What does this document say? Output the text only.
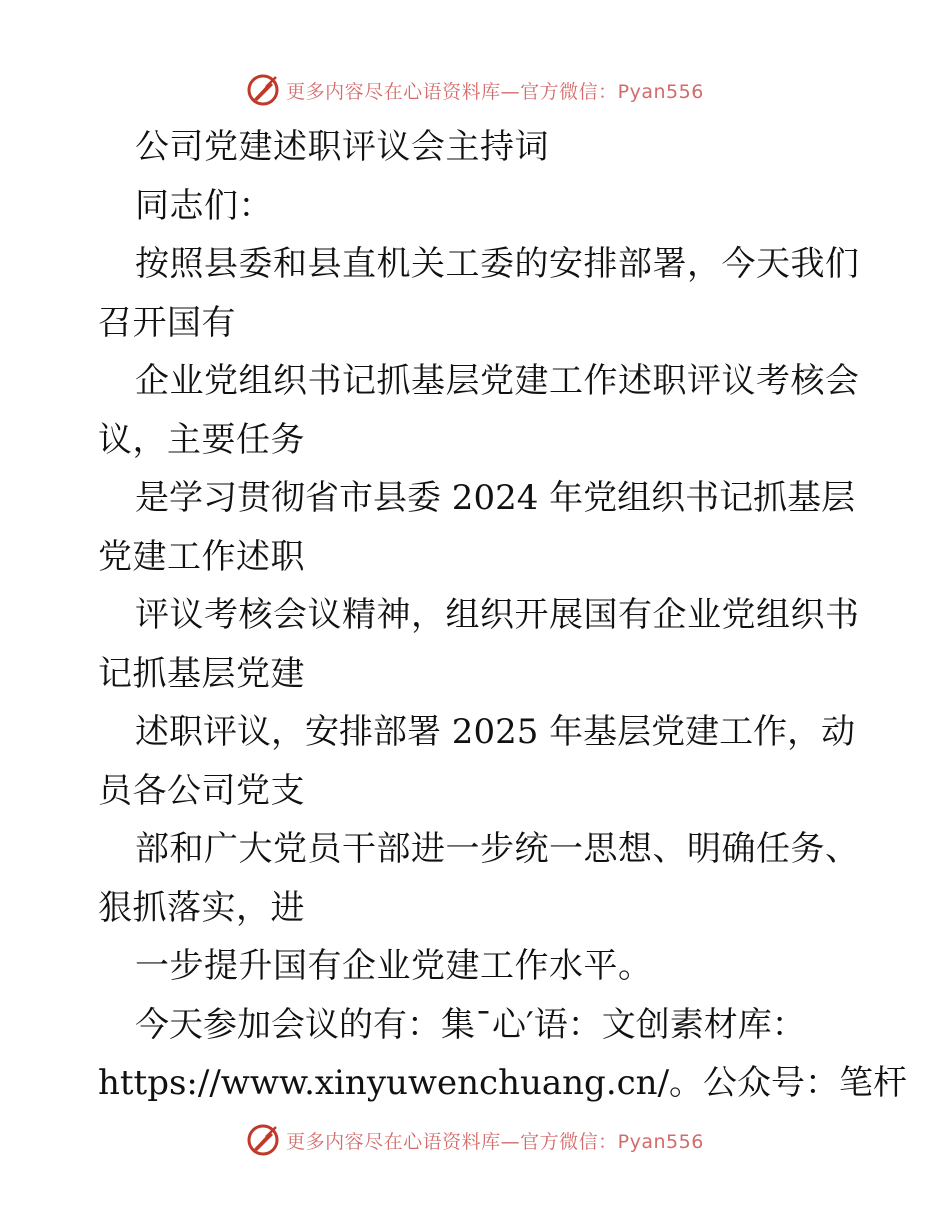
更多内容尽在心语资料库—官方微信：Pyan556
公司党建述职评议会主持词
同志们：
按照县委和县直机关工委的安排部署，今天我们
召开国有
企业党组织书记抓基层党建工作述职评议考核会
议，主要任务
是学习贯彻省市县委 2024 年党组织书记抓基层
党建工作述职
评议考核会议精神，组织开展国有企业党组织书
记抓基层党建
述职评议，安排部署 2025 年基层党建工作，动
员各公司党支
部和广大党员干部进一步统一思想、明确任务、
狠抓落实，进
一步提升国有企业党建工作水平。
今天参加会议的有：集¯心′语：文创素材库：
https://www.xinyuwenchuang.cn/。公众号：笔杆
更多内容尽在心语资料库—官方微信：Pyan556
